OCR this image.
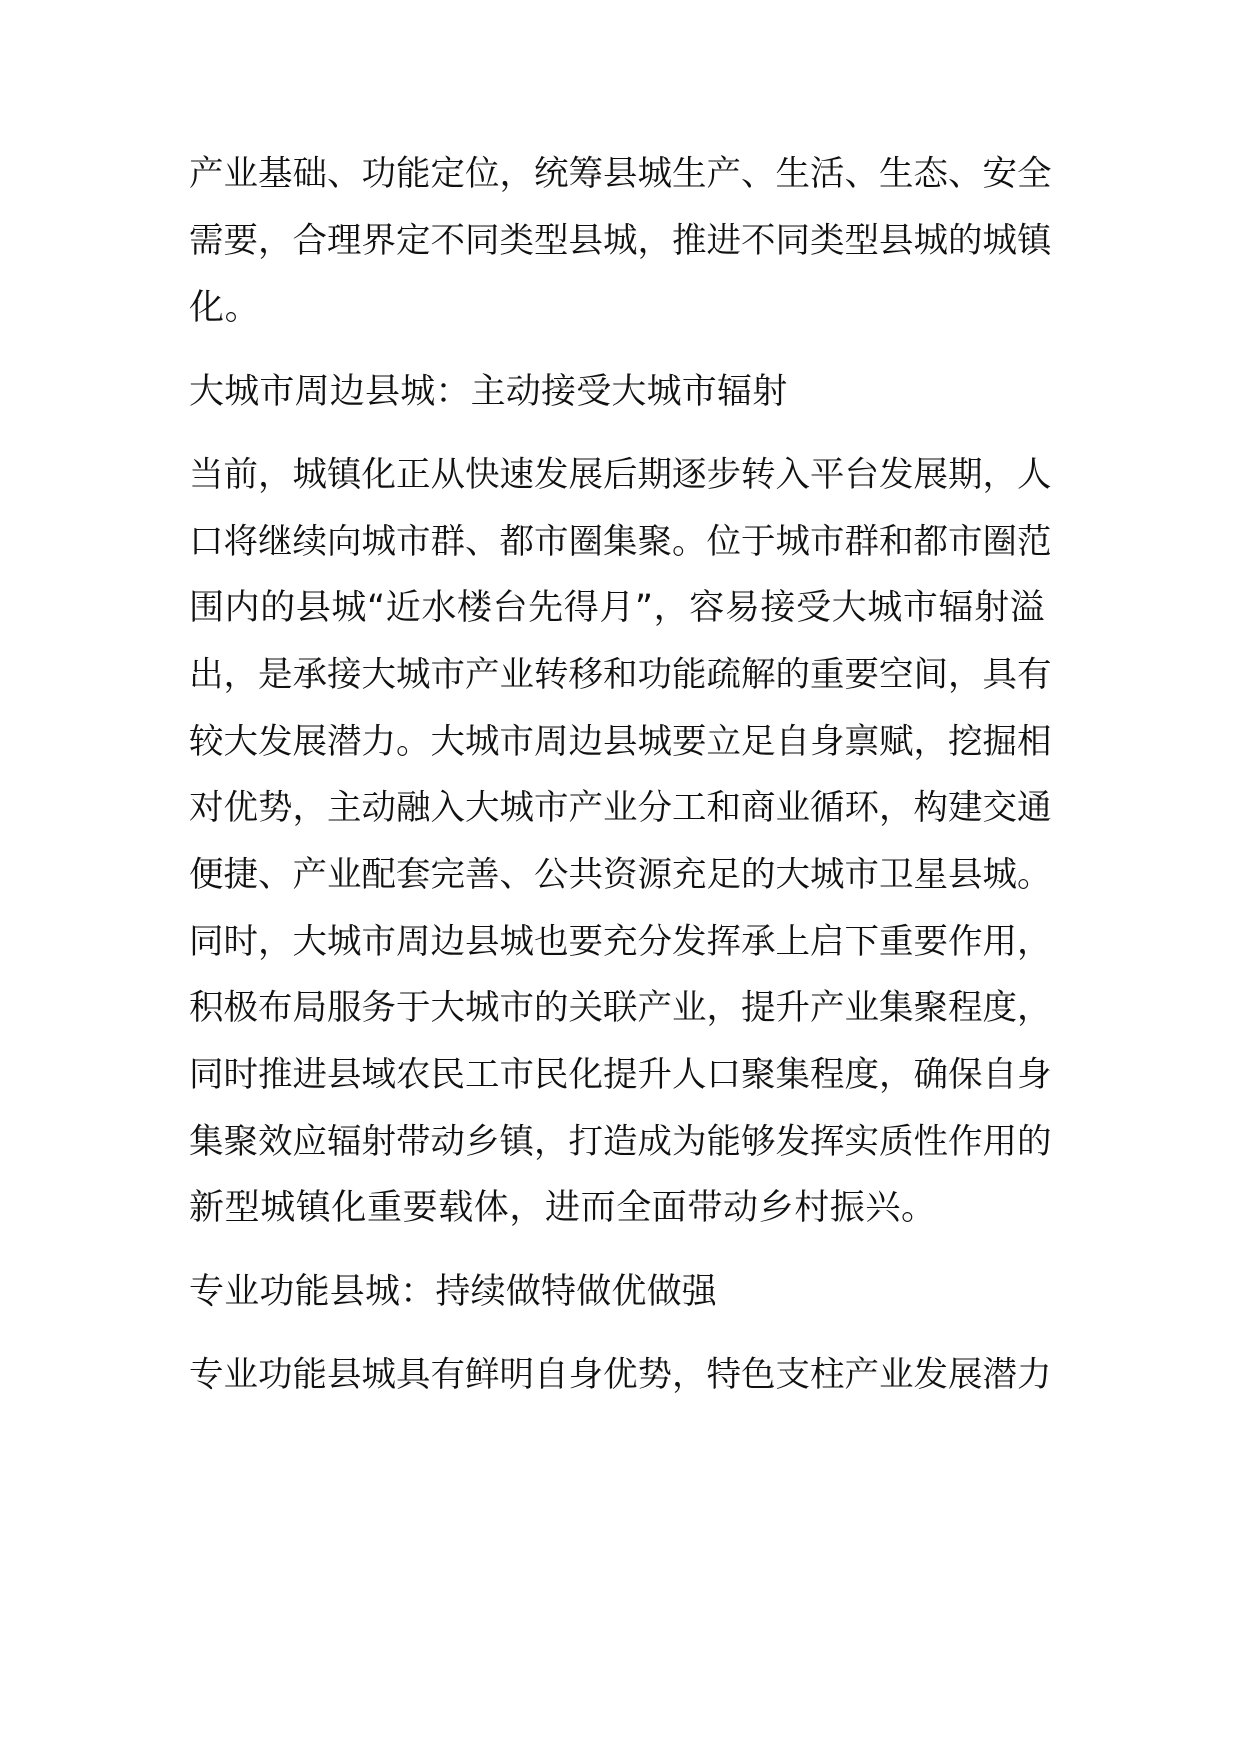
产业基础、功能定位，统筹县城生产、生活、生态、安全
需要，合理界定不同类型县城，推进不同类型县城的城镇
化。
大城市周边县城：主动接受大城市辐射
当前，城镇化正从快速发展后期逐步转入平台发展期，人
口将继续向城市群、都市圈集聚。位于城市群和都市圈范
围内的县城“近水楼台先得月”，容易接受大城市辐射溢
出，是承接大城市产业转移和功能疏解的重要空间，具有
较大发展潜力。大城市周边县城要立足自身禀赋，挖掘相
对优势，主动融入大城市产业分工和商业循环，构建交通
便捷、产业配套完善、公共资源充足的大城市卫星县城。
同时，大城市周边县城也要充分发挥承上启下重要作用，
积极布局服务于大城市的关联产业，提升产业集聚程度，
同时推进县域农民工市民化提升人口聚集程度，确保自身
集聚效应辐射带动乡镇，打造成为能够发挥实质性作用的
新型城镇化重要载体，进而全面带动乡村振兴。
专业功能县城：持续做特做优做强
专业功能县城具有鲜明自身优势，特色支柱产业发展潜力
